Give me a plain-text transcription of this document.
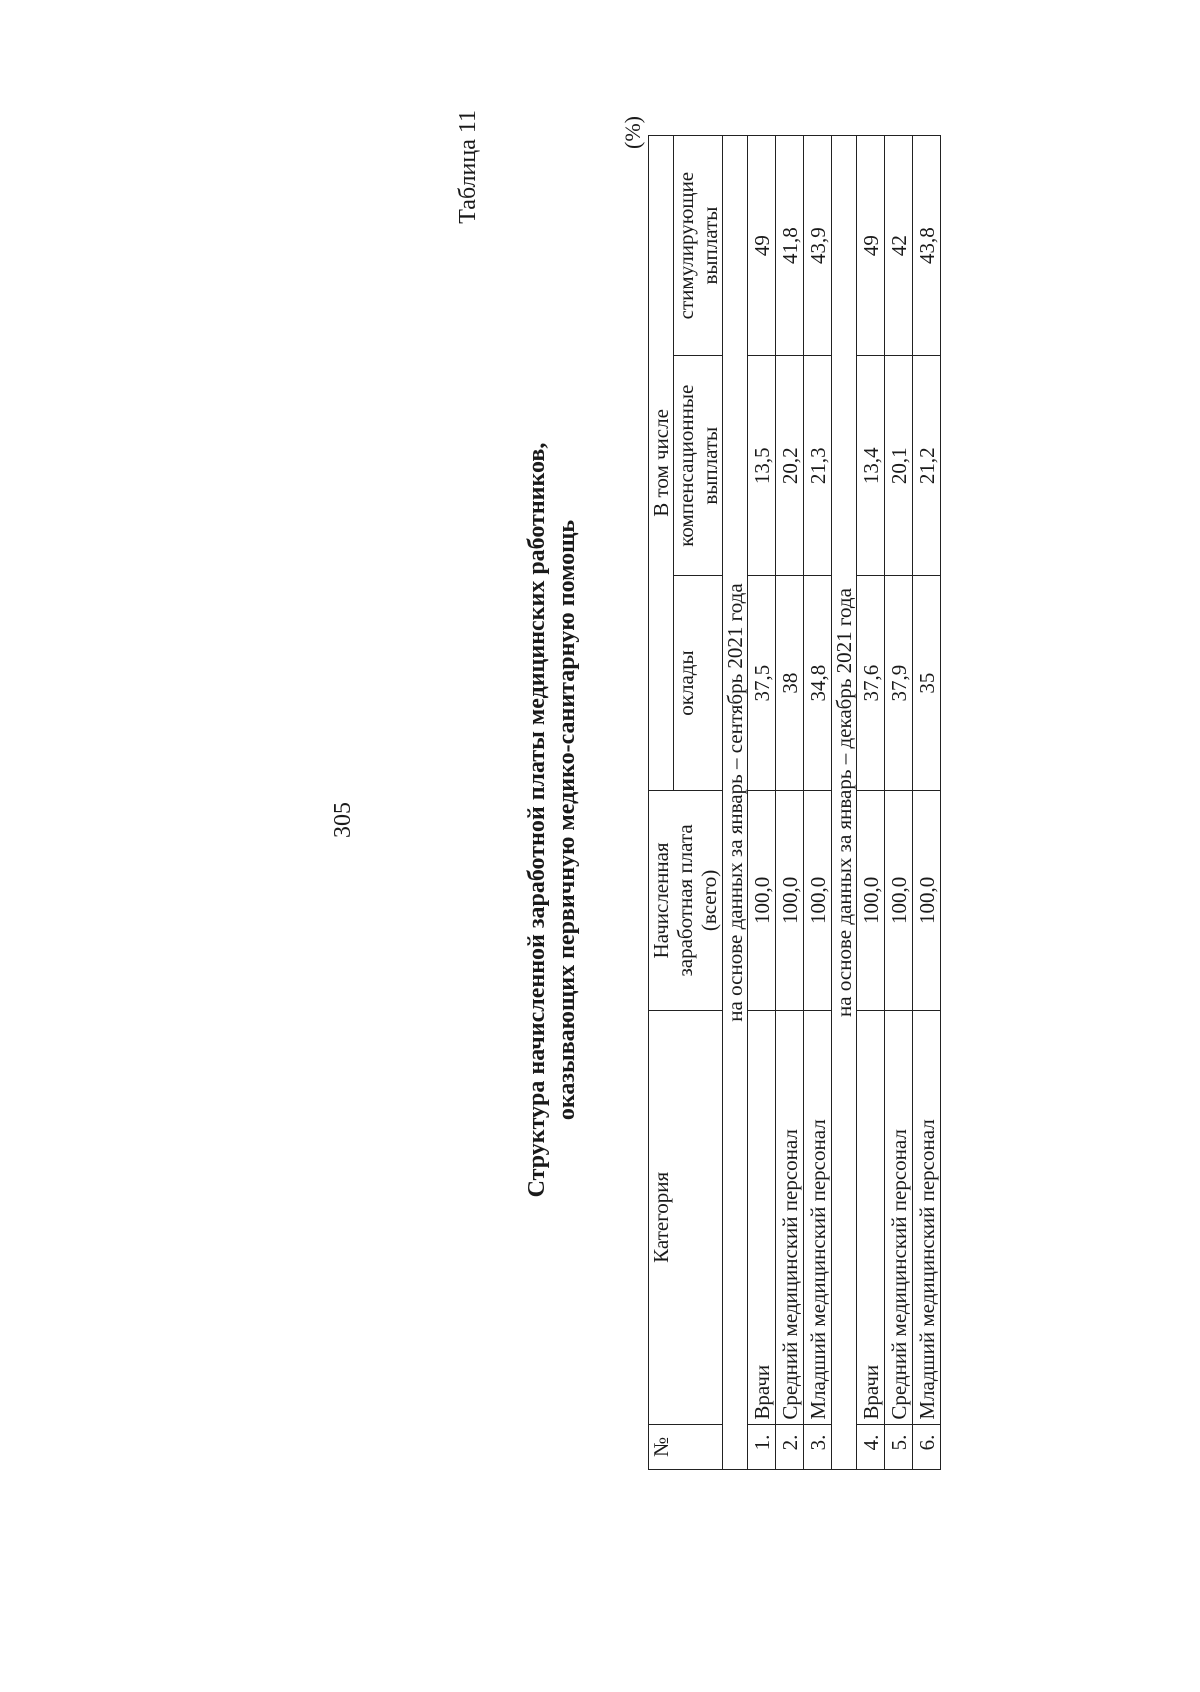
305
Таблица 11
Структура начисленной заработной платы медицинских работников, оказывающих первичную медико-санитарную помощь
(%)
№	Категория	Начисленная заработная плата (всего)	В том числе		
			оклады	компенсационные выплаты	стимулирующие выплаты
на основе данных за январь – сентябрь 2021 года					
1.	Врачи	100,0	37,5	13,5	49
2.	Средний медицинский персонал	100,0	38	20,2	41,8
3.	Младший медицинский персонал	100,0	34,8	21,3	43,9
на основе данных за январь – декабрь 2021 года					
4.	Врачи	100,0	37,6	13,4	49
5.	Средний медицинский персонал	100,0	37,9	20,1	42
6.	Младший медицинский персонал	100,0	35	21,2	43,8
